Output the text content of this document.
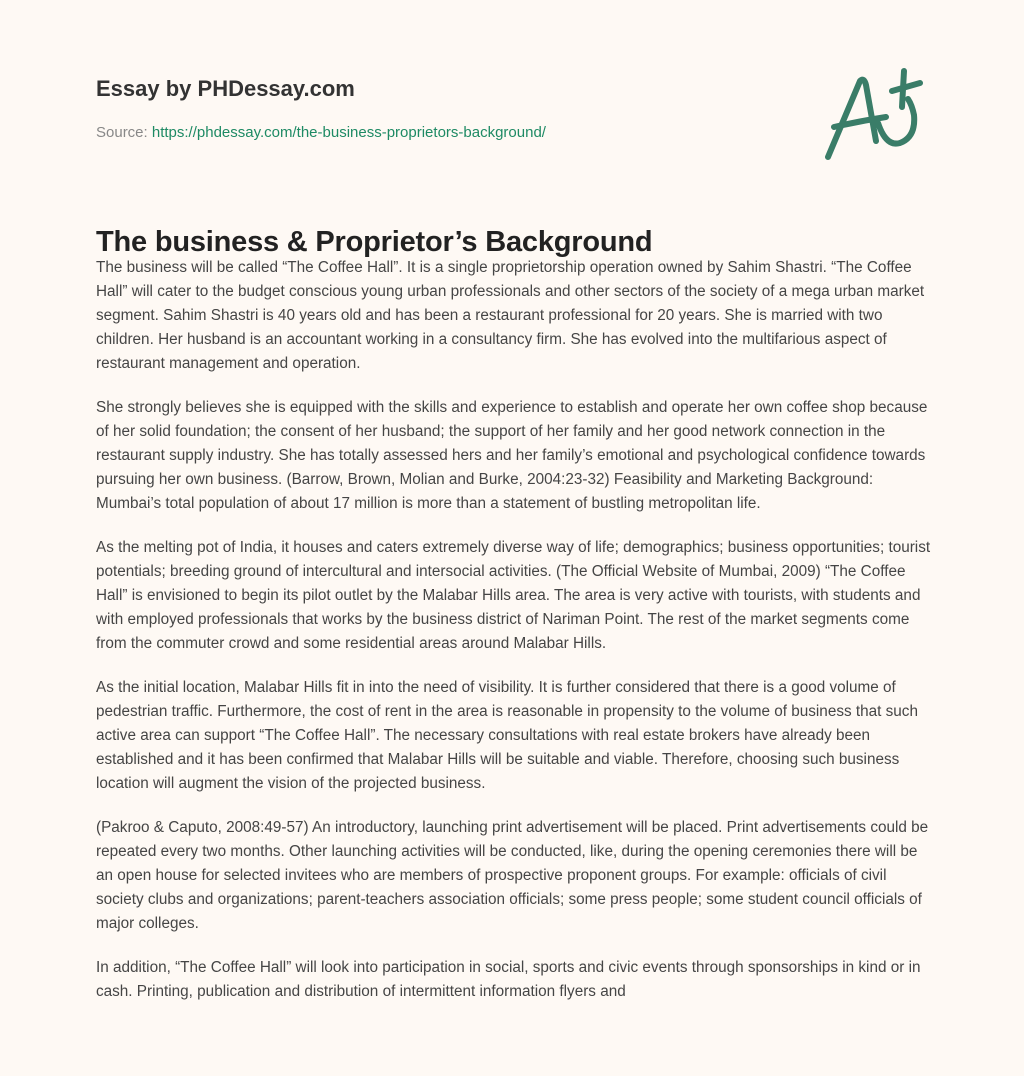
Essay by PHDessay.com
Source: https://phdessay.com/the-business-proprietors-background/
The business & Proprietor’s Background

The business will be called “The Coffee Hall”. It is a single proprietorship operation owned by Sahim Shastri. “The Coffee Hall” will cater to the budget conscious young urban professionals and other sectors of the society of a mega urban market segment. Sahim Shastri is 40 years old and has been a restaurant professional for 20 years. She is married with two children. Her husband is an accountant working in a consultancy firm. She has evolved into the multifarious aspect of restaurant management and operation.

She strongly believes she is equipped with the skills and experience to establish and operate her own coffee shop because of her solid foundation; the consent of her husband; the support of her family and her good network connection in the restaurant supply industry. She has totally assessed hers and her family’s emotional and psychological confidence towards pursuing her own business. (Barrow, Brown, Molian and Burke, 2004:23-32) Feasibility and Marketing Background: Mumbai’s total population of about 17 million is more than a statement of bustling metropolitan life.

As the melting pot of India, it houses and caters extremely diverse way of life; demographics; business opportunities; tourist potentials; breeding ground of intercultural and intersocial activities. (The Official Website of Mumbai, 2009) “The Coffee Hall” is envisioned to begin its pilot outlet by the Malabar Hills area. The area is very active with tourists, with students and with employed professionals that works by the business district of Nariman Point. The rest of the market segments come from the commuter crowd and some residential areas around Malabar Hills.

As the initial location, Malabar Hills fit in into the need of visibility. It is further considered that there is a good volume of pedestrian traffic. Furthermore, the cost of rent in the area is reasonable in propensity to the volume of business that such active area can support “The Coffee Hall”. The necessary consultations with real estate brokers have already been established and it has been confirmed that Malabar Hills will be suitable and viable. Therefore, choosing such business location will augment the vision of the projected business.

(Pakroo & Caputo, 2008:49-57) An introductory, launching print advertisement will be placed. Print advertisements could be repeated every two months. Other launching activities will be conducted, like, during the opening ceremonies there will be an open house for selected invitees who are members of prospective proponent groups. For example: officials of civil society clubs and organizations; parent-teachers association officials; some press people; some student council officials of major colleges.

In addition, “The Coffee Hall” will look into participation in social, sports and civic events through sponsorships in kind or in cash. Printing, publication and distribution of intermittent information flyers and
